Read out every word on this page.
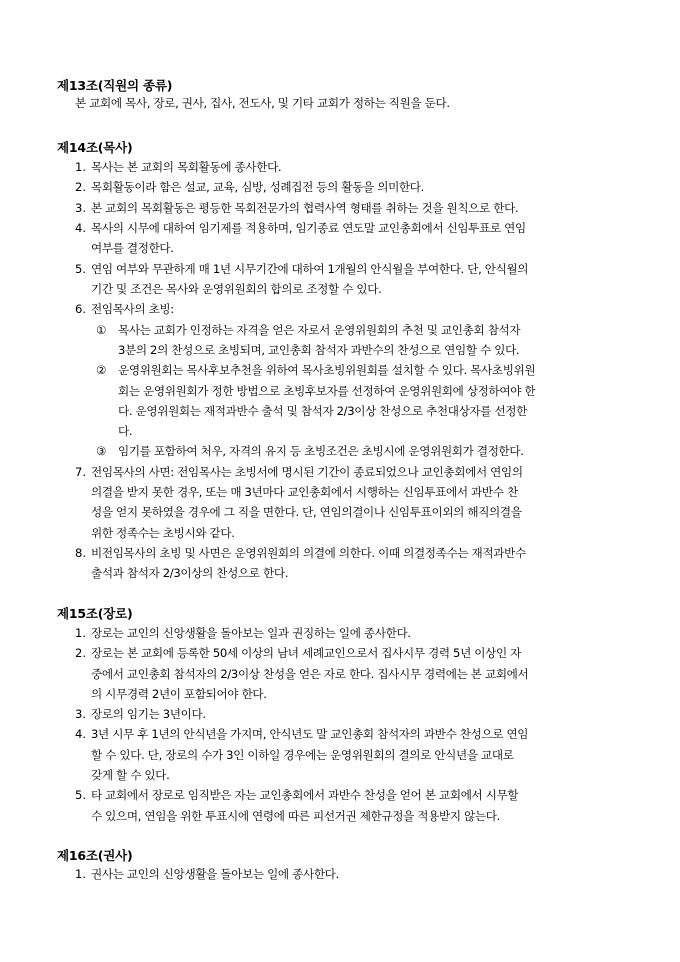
제13조(직원의 종류)
본 교회에 목사, 장로, 권사, 집사, 전도사, 및 기타 교회가 정하는 직원을 둔다.
제14조(목사)
1. 목사는 본 교회의 목회활동에 종사한다.
2. 목회활동이라 함은 설교, 교육, 심방, 성례집전 등의 활동을 의미한다.
3. 본 교회의 목회활동은 평등한 목회전문가의 협력사역 형태를 취하는 것을 원칙으로 한다.
4. 목사의 시무에 대하여 임기제를 적용하며, 임기종료 연도말 교인총회에서 신임투표로 연임
여부를 결정한다.
5. 연임 여부와 무관하게 매 1년 시무기간에 대하여 1개월의 안식월을 부여한다. 단, 안식월의
기간 및 조건은 목사와 운영위원회의 합의로 조정할 수 있다.
6. 전임목사의 초빙:
① 목사는 교회가 인정하는 자격을 얻은 자로서 운영위원회의 추천 및 교인총회 참석자
3분의 2의 찬성으로 초빙되며, 교인총회 참석자 과반수의 찬성으로 연임할 수 있다.
② 운영위원회는 목사후보추천을 위하여 목사초빙위원회를 설치할 수 있다. 목사초빙위원
회는 운영위원회가 정한 방법으로 초빙후보자를 선정하여 운영위원회에 상정하여야 한
다. 운영위원회는 재적과반수 출석 및 참석자 2/3이상 찬성으로 추천대상자를 선정한
다.
③ 임기를 포함하여 처우, 자격의 유지 등 초빙조건은 초빙시에 운영위원회가 결정한다.
7. 전임목사의 사면: 전임목사는 초빙서에 명시된 기간이 종료되었으나 교인총회에서 연임의
의결을 받지 못한 경우, 또는 매 3년마다 교인총회에서 시행하는 신임투표에서 과반수 찬
성을 얻지 못하였을 경우에 그 직을 면한다. 단, 연임의결이나 신임투표이외의 해직의결을
위한 정족수는 초빙시와 같다.
8. 비전임목사의 초빙 및 사면은 운영위원회의 의결에 의한다. 이때 의결정족수는 재적과반수
출석과 참석자 2/3이상의 찬성으로 한다.
제15조(장로)
1. 장로는 교인의 신앙생활을 돌아보는 일과 권징하는 일에 종사한다.
2. 장로는 본 교회에 등록한 50세 이상의 남녀 세례교인으로서 집사시무 경력 5년 이상인 자
중에서 교인총회 참석자의 2/3이상 찬성을 얻은 자로 한다. 집사시무 경력에는 본 교회에서
의 시무경력 2년이 포함되어야 한다.
3. 장로의 임기는 3년이다.
4. 3년 시무 후 1년의 안식년을 가지며, 안식년도 말 교인총회 참석자의 과반수 찬성으로 연임
할 수 있다. 단, 장로의 수가 3인 이하일 경우에는 운영위원회의 결의로 안식년을 교대로
갖게 할 수 있다.
5. 타 교회에서 장로로 임직받은 자는 교인총회에서 과반수 찬성을 얻어 본 교회에서 시무할
수 있으며, 연임을 위한 투표시에 연령에 따른 피선거권 제한규정을 적용받지 않는다.
제16조(권사)
1. 권사는 교인의 신앙생활을 돌아보는 일에 종사한다.
